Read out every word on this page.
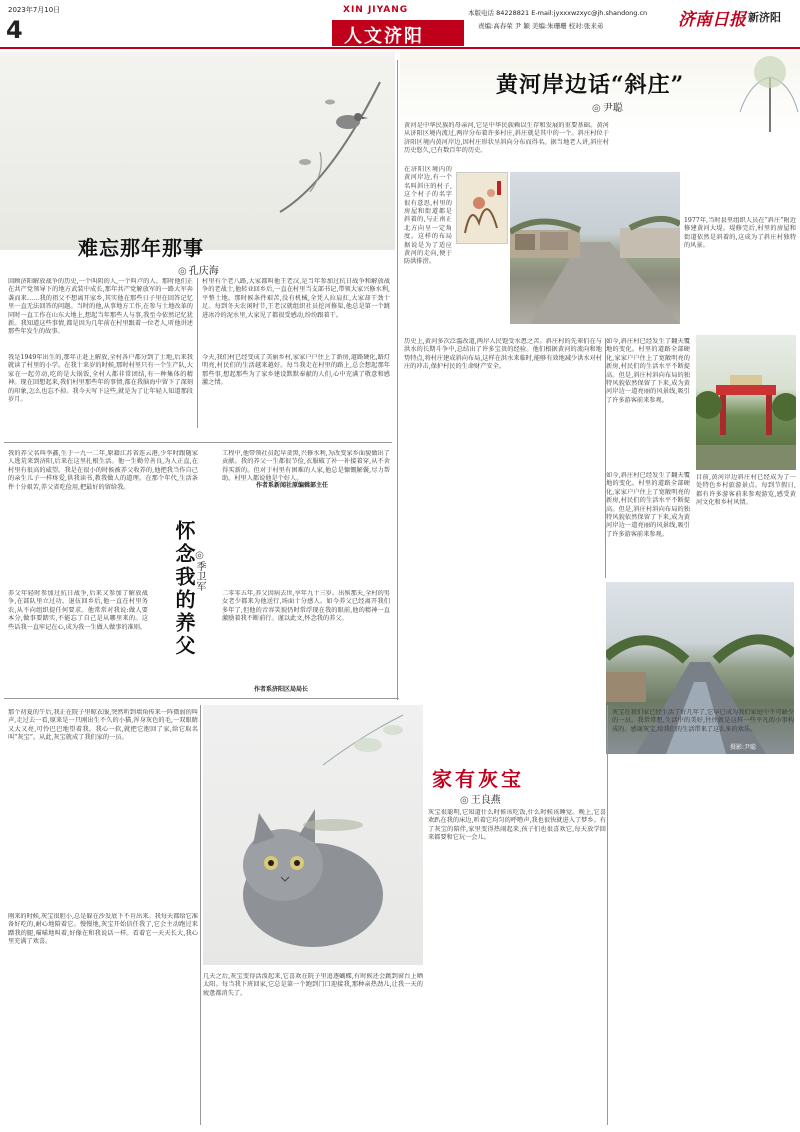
2023年7月10日
4
XIN JIYANG
人文济阳
本版电话 84228821 E-mail:jyxxxwzxyc@jh.shandong.cn
责编:高春荣 尹 颖 美编:朱珊珊 校对:张来弟	济南日报 新济阳
难忘那年那事
◎ 孔庆海
回顾济阳解放战争的历史,一个叫阴的人,一个叫卢的人。那时他们正在共产党领导下的地方武装中成长,那年共产党解放军的一路大军奔袭而来……我的祖父不想离开家乡,其实他在那些日子里在回答记忆里一直无法回答的问题。当时的他,从事地方工作,在参与土地改革的同时一直工作在山东大地上,想起当年那些人与事,我至今依然记忆犹新。我知道这些事情,都是因为几年前在村里跟着一位老人,听他讲述那些年发生的故事。
我是1949年出生的,那年正赶上解放,全村各户都分到了土地,后来我就读了村里的小学。在我十来岁的时候,那时村里只有一个生产队,大家在一起劳动,吃的是大锅饭,全村人都非常团结,有一种集体的精神。现在回想起来,我们村里那些年的事情,都在我脑海中留下了深刻的印象,怎么也忘不掉。我今天写下这些,就是为了让年轻人知道那段岁月。
村里有个老八路,大家都叫他王老汉,是当年参加过抗日战争和解放战争的老战士,他转业回乡后,一直在村里当支部书记,带领大家兴修水利,平整土地。那时候条件艰苦,没有机械,全凭人拉肩扛,大家却干劲十足。每到冬天农闲时节,王老汉就组织社员挖河修渠,他总是第一个跳进冰冷的泥水里,大家见了都很受感动,纷纷跟着干。
今天,我们村已经变成了美丽乡村,家家户户住上了新房,道路硬化,路灯明亮,村民们的生活越来越好。每当我走在村里的路上,总会想起那年那些事,想起那些为了家乡建设默默奉献的人们,心中充满了敬意和感激之情。
作者系新闻社原编辑部主任
我的养父名叫李鑫,生于一九一二年,原籍江苏省连云港,少年时跟随家人逃荒来到济阳,后来在这里扎根生活。他一生勤劳善良,为人正直,在村里有很高的威望。我是在很小的时候被养父收养的,他把我当作自己的亲生儿子一样疼爱,供我读书,教我做人的道理。在那个年代,生活条件十分艰苦,养父省吃俭用,把最好的留给我。
怀念我的养父
◎ 季卫军
养父年轻时参加过抗日战争,后来又参加了解放战争,在部队里立过功。退伍回乡后,他一直在村里务农,从不向组织提任何要求。他常常对我说:做人要本分,做事要踏实,不能忘了自己是从哪里来的。这些话我一直牢记在心,成为我一生做人做事的准则。
工程中,他带领社员起早贪黑,兴修水利,为改变家乡面貌做出了贡献。我的养父一生都很节俭,衣服破了补一补接着穿,从不舍得买新的。但对于村里有困难的人家,他总是慷慨解囊,尽力帮助。村里人都说他是个好人。
二零零五年,养父因病去世,享年九十三岁。出殡那天,全村的男女老少都来为他送行,场面十分感人。如今养父已经离开我们多年了,但他的音容笑貌仍时常浮现在我的眼前,他的精神一直激励着我不断前行。谨以此文,怀念我的养父。
作者系济阳区局局长
黄河岸边话“斜庄”
◎ 尹聪
黄河是中华民族的母亲河,它是中华民族赖以生存和发展的重要基础。黄河从济阳区境内流过,两岸分布着许多村庄,斜庄就是其中的一个。斜庄村位于济阳区境内黄河岸边,因村庄形状呈斜向分布而得名。据当地老人讲,斜庄村历史悠久,已有数百年的历史。
在济阳区境内的黄河岸边,有一个名叫斜庄的村子,这个村子的名字很有意思,村里的房屋和街道都是斜着的,与正南正北方向呈一定角度。这样的布局据说是为了适应黄河的走向,便于防洪排涝。
1977年,当时县里组织人员在“斜庄”附近修建黄河大堤。堤修完后,村里的房屋和街道依然是斜着的,这成为了斜庄村独特的风景。
历史上,黄河多次泛滥改道,两岸人民饱受水患之苦。斜庄村的先辈们在与洪水的长期斗争中,总结出了许多宝贵的经验。他们根据黄河的流向和地势特点,将村庄建成斜向布局,这样在洪水来临时,能够有效地减少洪水对村庄的冲击,保护村民的生命财产安全。
如今,斜庄村已经发生了翻天覆地的变化。村里的道路全部硬化,家家户户住上了宽敞明亮的新房,村民们的生活水平不断提高。但是,斜庄村斜向布局的独特风貌依然保留了下来,成为黄河岸边一道亮丽的风景线,吸引了许多游客前来参观。
目前,黄河岸边斜庄村已经成为了一处特色乡村旅游景点。每到节假日,都有许多游客前来参观游览,感受黄河文化和乡村风情。
如今,斜庄村已经发生了翻天覆地的变化。村里的道路全部硬化,家家户户住上了宽敞明亮的新房,村民们的生活水平不断提高。但是,斜庄村斜向布局的独特风貌依然保留了下来,成为黄河岸边一道亮丽的风景线,吸引了许多游客前来参观。
摄影:尹聪
那个初夏的午后,我正在院子里晾衣服,突然听到墙角传来一阵微弱的叫声,走过去一看,原来是一只刚出生不久的小猫,浑身灰色的毛,一双眼睛又大又亮,可怜巴巴地望着我。我心一软,就把它抱回了家,给它取名叫“灰宝”。从此,灰宝就成了我们家的一员。
刚来的时候,灰宝很胆小,总是躲在沙发底下不肯出来。我每天都给它准备好吃的,耐心地陪着它。慢慢地,灰宝开始信任我了,它会主动跑过来蹭我的腿,喵喵地叫着,好像在和我说话一样。看着它一天天长大,我心里充满了欢喜。
家有灰宝
◎ 王良燕
几天之后,灰宝变得活泼起来,它喜欢在院子里追逐蝴蝶,有时候还会跳到窗台上晒太阳。每当我下班回家,它总是第一个跑到门口迎接我,那种亲热劲儿,让我一天的疲惫都消失了。
灰宝很聪明,它知道什么时候该吃饭,什么时候该睡觉。晚上,它喜欢趴在我的床边,听着它均匀的呼噜声,我也很快就进入了梦乡。有了灰宝的陪伴,家里变得热闹起来,孩子们也很喜欢它,每天放学回来都要和它玩一会儿。
灰宝在我们家已经生活了好几年了,它早已成为我们家庭中不可缺少的一员。我常常想,生活中的美好,往往就是这样一些平凡的小事构成的。感谢灰宝,给我们的生活带来了这么多的欢乐。
